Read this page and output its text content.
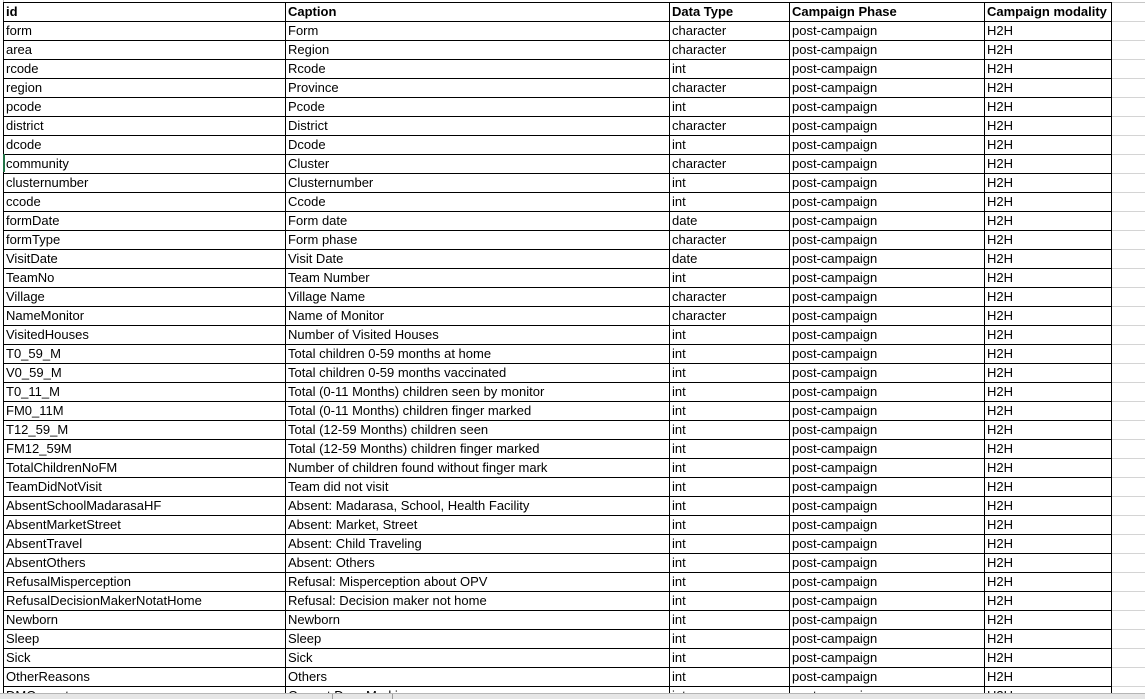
id	Caption	Data Type	Campaign Phase	Campaign modality
form	Form	character	post-campaign	H2H
area	Region	character	post-campaign	H2H
rcode	Rcode	int	post-campaign	H2H
region	Province	character	post-campaign	H2H
pcode	Pcode	int	post-campaign	H2H
district	District	character	post-campaign	H2H
dcode	Dcode	int	post-campaign	H2H
community	Cluster	character	post-campaign	H2H
clusternumber	Clusternumber	int	post-campaign	H2H
ccode	Ccode	int	post-campaign	H2H
formDate	Form date	date	post-campaign	H2H
formType	Form phase	character	post-campaign	H2H
VisitDate	Visit Date	date	post-campaign	H2H
TeamNo	Team Number	int	post-campaign	H2H
Village	Village Name	character	post-campaign	H2H
NameMonitor	Name of Monitor	character	post-campaign	H2H
VisitedHouses	Number of Visited Houses	int	post-campaign	H2H
T0_59_M	Total children 0-59 months at home	int	post-campaign	H2H
V0_59_M	Total children 0-59 months vaccinated	int	post-campaign	H2H
T0_11_M	Total (0-11 Months) children seen by monitor	int	post-campaign	H2H
FM0_11M	Total (0-11 Months) children finger marked	int	post-campaign	H2H
T12_59_M	Total (12-59 Months) children seen	int	post-campaign	H2H
FM12_59M	Total (12-59 Months) children finger marked	int	post-campaign	H2H
TotalChildrenNoFM	Number of children found without finger mark	int	post-campaign	H2H
TeamDidNotVisit	Team did not visit	int	post-campaign	H2H
AbsentSchoolMadarasaHF	Absent: Madarasa, School, Health Facility	int	post-campaign	H2H
AbsentMarketStreet	Absent: Market, Street	int	post-campaign	H2H
AbsentTravel	Absent: Child Traveling	int	post-campaign	H2H
AbsentOthers	Absent: Others	int	post-campaign	H2H
RefusalMisperception	Refusal: Misperception about OPV	int	post-campaign	H2H
RefusalDecisionMakerNotatHome	Refusal: Decision maker not home	int	post-campaign	H2H
Newborn	Newborn	int	post-campaign	H2H
Sleep	Sleep	int	post-campaign	H2H
Sick	Sick	int	post-campaign	H2H
OtherReasons	Others	int	post-campaign	H2H
